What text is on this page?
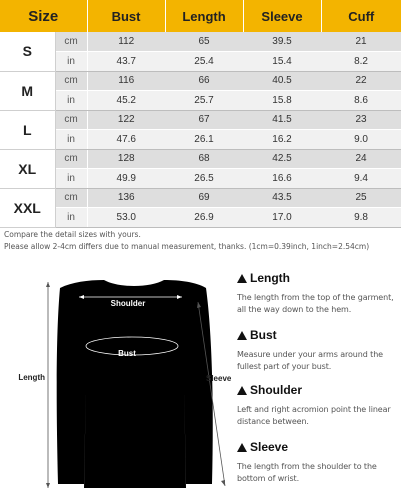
Size		Bust	Length	Sleeve	Cuff
S	cm	112	65	39.5	21
	in	43.7	25.4	15.4	8.2
M	cm	116	66	40.5	22
	in	45.2	25.7	15.8	8.6
L	cm	122	67	41.5	23
	in	47.6	26.1	16.2	9.0
XL	cm	128	68	42.5	24
	in	49.9	26.5	16.6	9.4
XXL	cm	136	69	43.5	25
	in	53.0	26.9	17.0	9.8
Compare the detail sizes with yours.
Please allow 2-4cm differs due to manual measurement, thanks. (1cm=0.39inch, 1inch=2.54cm)
Shoulder
Bust
Length	Sleeve
Length
The length from the top of the garment, all the way down to the hem.
Bust
Measure under your arms around the fullest part of your bust.
Shoulder
Left and right acromion point the linear distance between.
Sleeve
The length from the shoulder to the bottom of wrist.
